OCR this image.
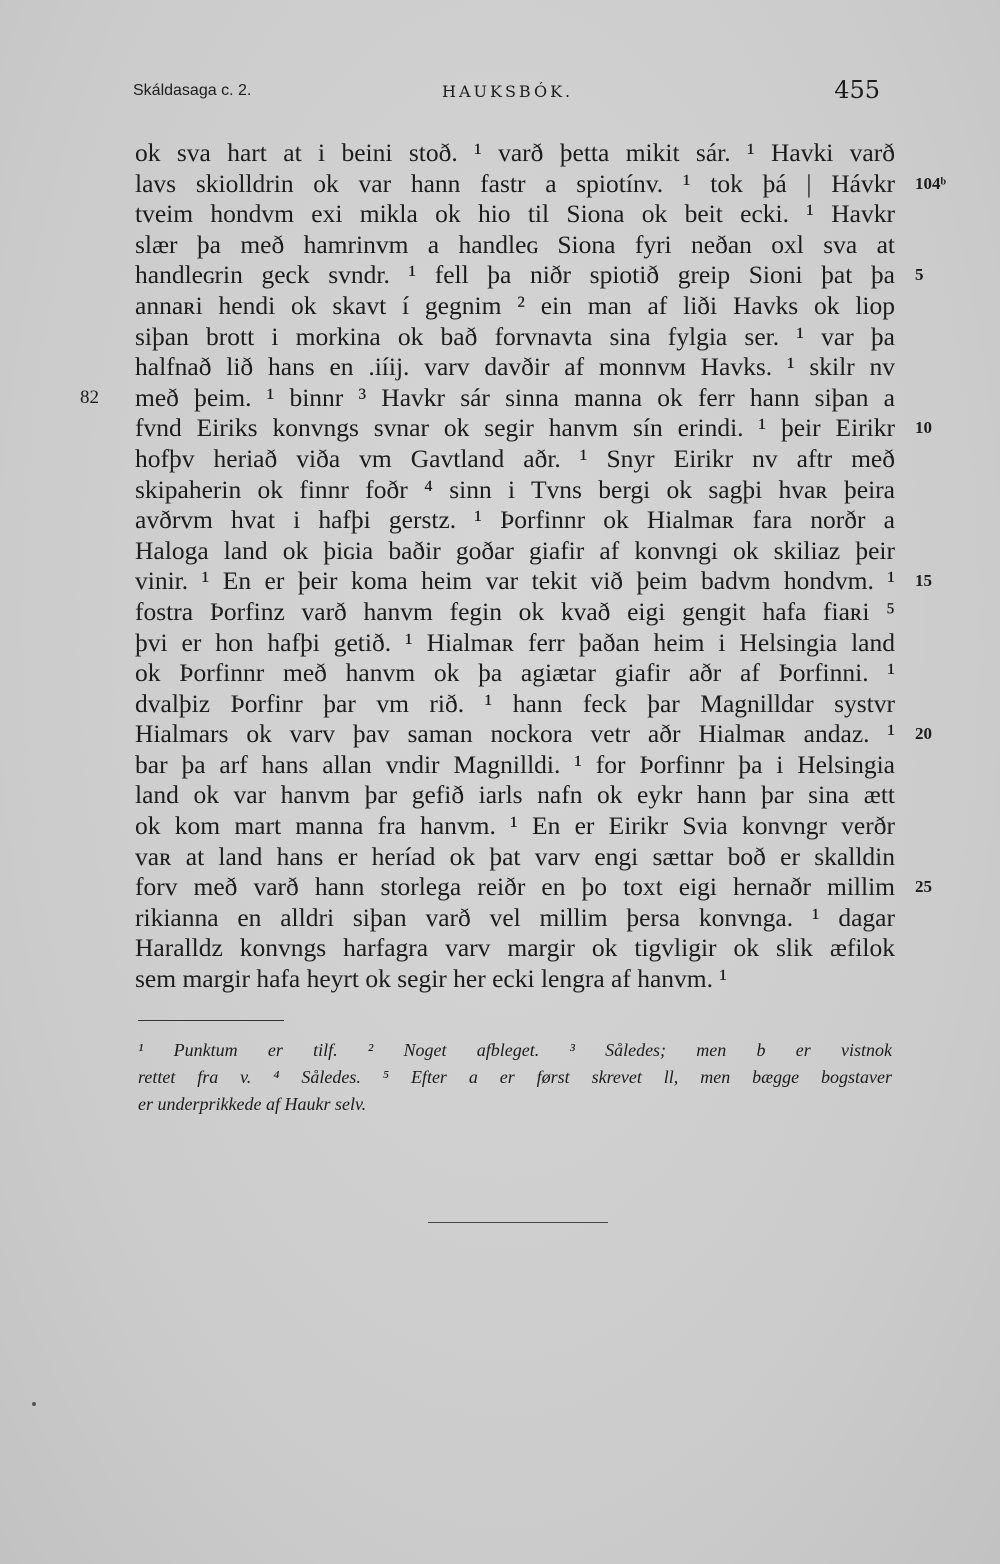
Skáldasaga c. 2.	HAUKSBÓK.	455
ok sva hart at i beini stoð. ¹ varð þetta mikit sár. ¹ Havki varð
lavs skiolldrin ok var hann fastr a spiotínv. ¹ tok þá | Hávkr 104ᵇ
tveim hondvm exi mikla ok hio til Siona ok beit ecki. ¹ Havkr
slær þa með hamrinvm a handleɢ Siona fyri neðan oxl sva at
handleɢrin geck svndr. ¹ fell þa niðr spiotið greip Sioni þat þa 5
annaʀi hendi ok skavt í gegnim ² ein man af liði Havks ok liop
siþan brott i morkina ok bað forvnavta sina fylgia ser. ¹ var þa
halfnað lið hans en .iíij. varv davðir af monnvᴍ Havks. ¹ skilr nv
82 með þeim. ¹ binnr ³ Havkr sár sinna manna ok ferr hann siþan a
fvnd Eiriks konvngs svnar ok segir hanvm sín erindi. ¹ þeir Eirikr 10
hofþv heriað viða vm Gavtland aðr. ¹ Snyr Eirikr nv aftr með
skipaherin ok finnr foðr ⁴ sinn i Tvns bergi ok sagþi hvaʀ þeira
avðrvm hvat i hafþi gerstz. ¹ Þorfinnr ok Hialmaʀ fara norðr a
Haloga land ok þiɢia baðir goðar giafir af konvngi ok skiliaz þeir
vinir. ¹ En er þeir koma heim var tekit við þeim badvm hondvm. ¹ 15
fostra Þorfinz varð hanvm fegin ok kvað eigi gengit hafa fiaʀi ⁵
þvi er hon hafþi getið. ¹ Hialmaʀ ferr þaðan heim i Helsingia land
ok Þorfinnr með hanvm ok þa agiætar giafir aðr af Þorfinni. ¹
dvalþiz Þorfinr þar vm rið. ¹ hann feck þar Magnilldar systvr
Hialmars ok varv þav saman nockora vetr aðr Hialmaʀ andaz. ¹ 20
bar þa arf hans allan vndir Magnilldi. ¹ for Þorfinnr þa i Helsingia
land ok var hanvm þar gefið iarls nafn ok eykr hann þar sina ætt
ok kom mart manna fra hanvm. ¹ En er Eirikr Svia konvngr verðr
vaʀ at land hans er heríad ok þat varv engi sættar boð er skalldin
forv með varð hann storlega reiðr en þo toxt eigi hernaðr millim 25
rikianna en alldri siþan varð vel millim þersa konvnga. ¹ dagar
Haralldz konvngs harfagra varv margir ok tigvligir ok slik æfilok
sem margir hafa heyrt ok segir her ecki lengra af hanvm. ¹
¹ Punktum er tilf. ² Noget afbleget. ³ Således; men b er vistnok
rettet fra v. ⁴ Således. ⁵ Efter a er først skrevet ll, men bægge bogstaver
er underprikkede af Haukr selv.
